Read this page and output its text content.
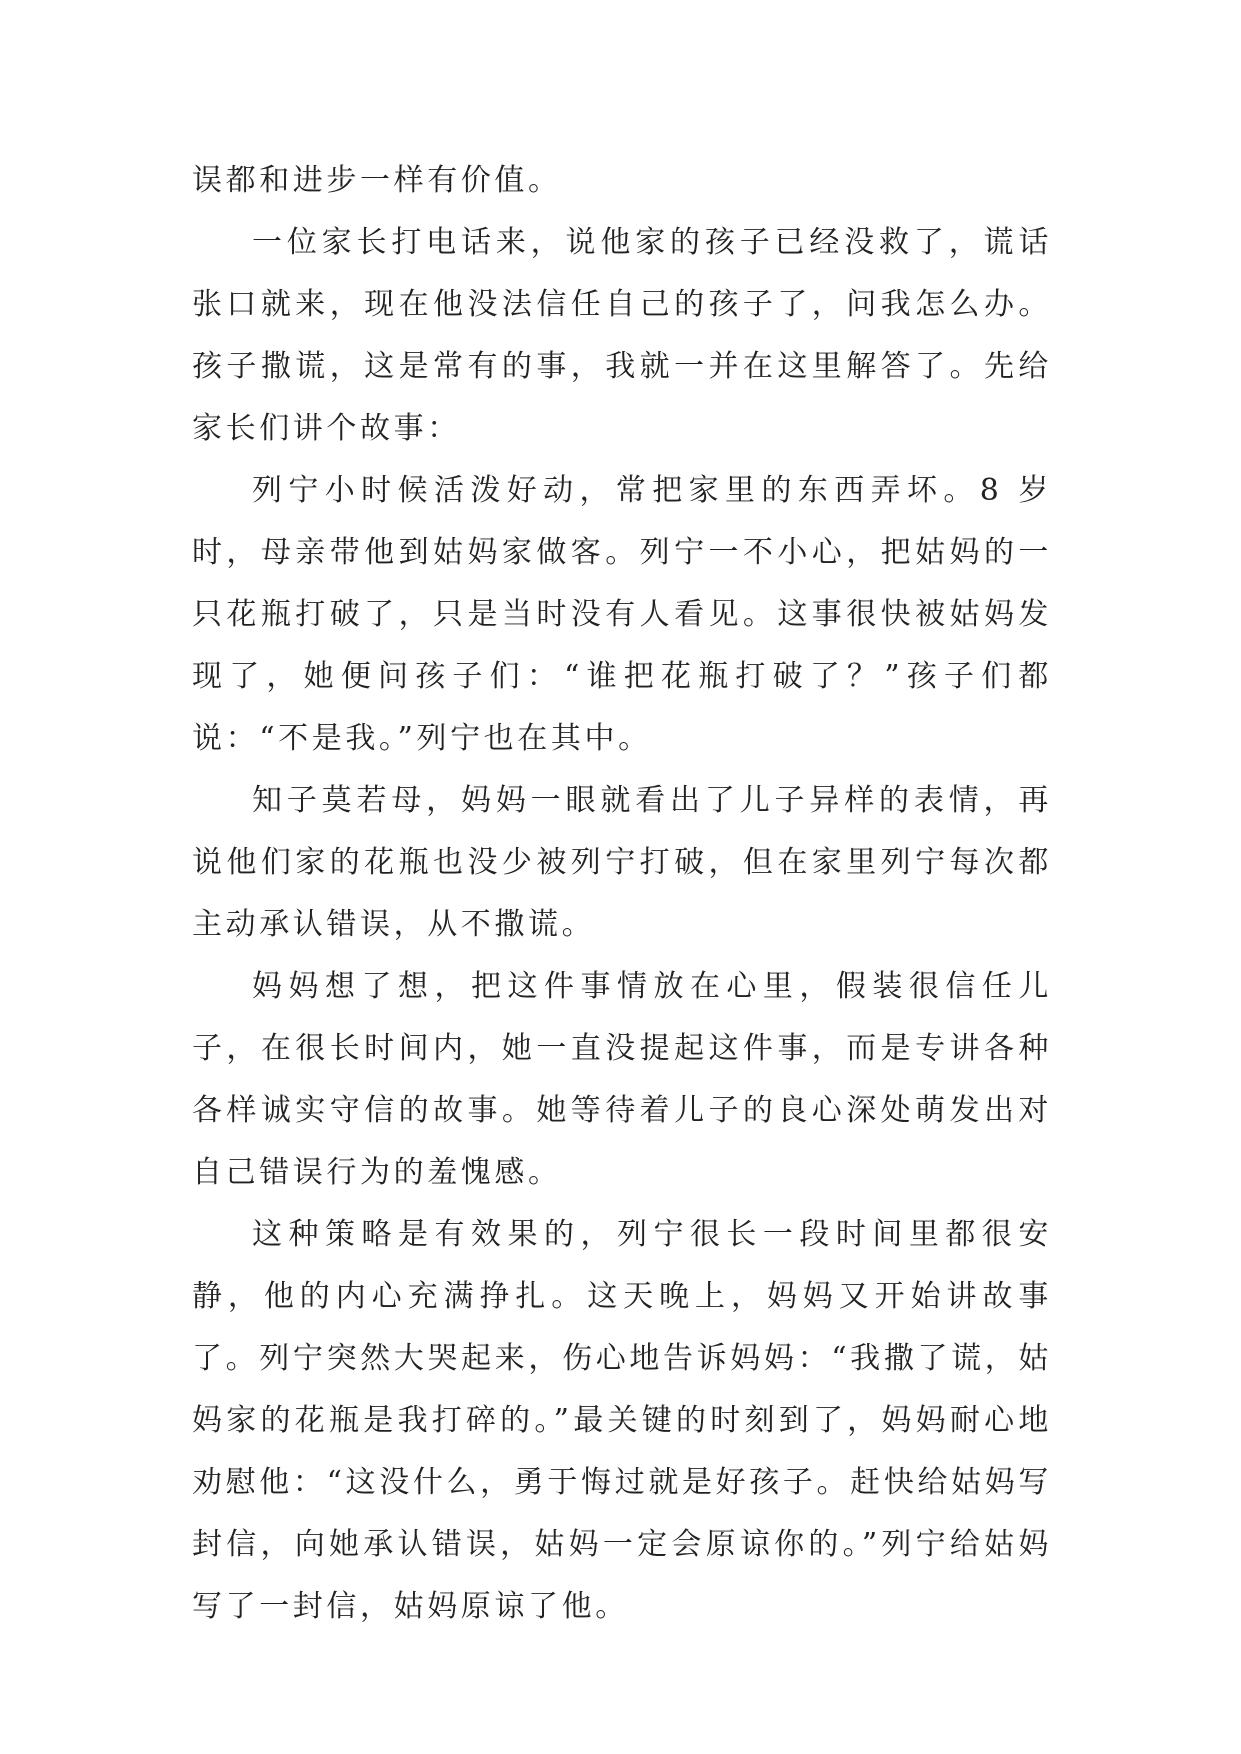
误都和进步一样有价值。

一位家长打电话来，说他家的孩子已经没救了，谎话张口就来，现在他没法信任自己的孩子了，问我怎么办。孩子撒谎，这是常有的事，我就一并在这里解答了。先给家长们讲个故事：

列宁小时候活泼好动，常把家里的东西弄坏。8 岁时，母亲带他到姑妈家做客。列宁一不小心，把姑妈的一只花瓶打破了，只是当时没有人看见。这事很快被姑妈发现了，她便问孩子们：“谁把花瓶打破了？”孩子们都说：“不是我。”列宁也在其中。

知子莫若母，妈妈一眼就看出了儿子异样的表情，再说他们家的花瓶也没少被列宁打破，但在家里列宁每次都主动承认错误，从不撒谎。

妈妈想了想，把这件事情放在心里，假装很信任儿子，在很长时间内，她一直没提起这件事，而是专讲各种各样诚实守信的故事。她等待着儿子的良心深处萌发出对自己错误行为的羞愧感。

这种策略是有效果的，列宁很长一段时间里都很安静，他的内心充满挣扎。这天晚上，妈妈又开始讲故事了。列宁突然大哭起来，伤心地告诉妈妈：“我撒了谎，姑妈家的花瓶是我打碎的。”最关键的时刻到了，妈妈耐心地劝慰他：“这没什么，勇于悔过就是好孩子。赶快给姑妈写封信，向她承认错误，姑妈一定会原谅你的。”列宁给姑妈写了一封信，姑妈原谅了他。
